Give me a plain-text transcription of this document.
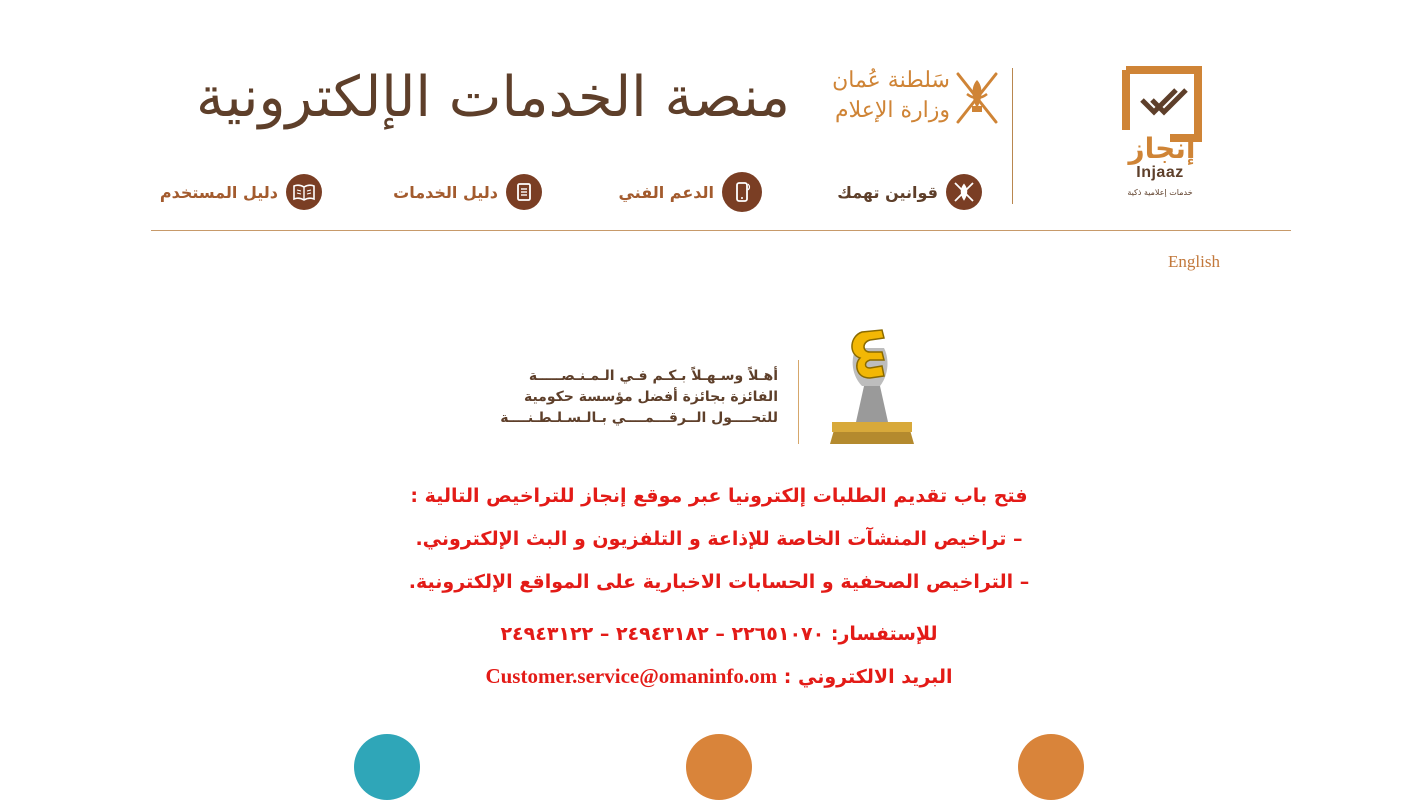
منصة الخدمات الإلكترونية	سَلطنة عُمان
وزارة الإعلام
إنجاز
Injaaz
خدمات إعلامية ذكية
قوانين تهمك
الدعم الفني
دليل الخدمات
دليل المستخدم
English
أهـلاً وسـهـلاً بـكـم فـي الـمـنـصـــــة
الفائزة بجائزة أفضل مؤسسة حكومية
للتحــــول الــرقـــمــــي بـالـسـلـطـنــــة
فتح باب تقديم الطلبات إلكترونيا عبر موقع إنجاز للتراخيص التالية :
– تراخيص المنشآت الخاصة للإذاعة و التلفزيون و البث الإلكتروني.
– التراخيص الصحفية و الحسابات الاخبارية على المواقع الإلكترونية.
للإستفسار: ٢٢٦٥١٠٧٠ – ٢٤٩٤٣١٨٢ – ٢٤٩٤٣١٢٢
البريد الالكتروني : Customer.service@omaninfo.om
